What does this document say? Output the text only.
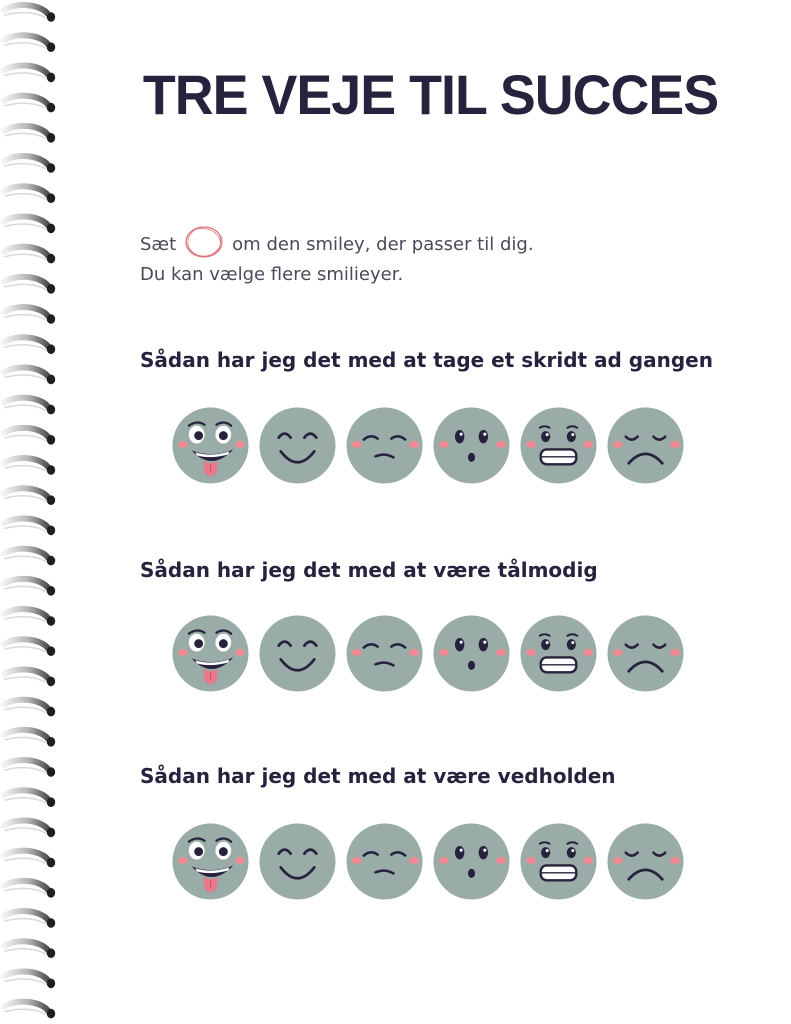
TRE VEJE TIL SUCCES
Sæt	om den smiley, der passer til dig.
Du kan vælge flere smilieyer.
Sådan har jeg det med at tage et skridt ad gangen
Sådan har jeg det med at være tålmodig
Sådan har jeg det med at være vedholden
